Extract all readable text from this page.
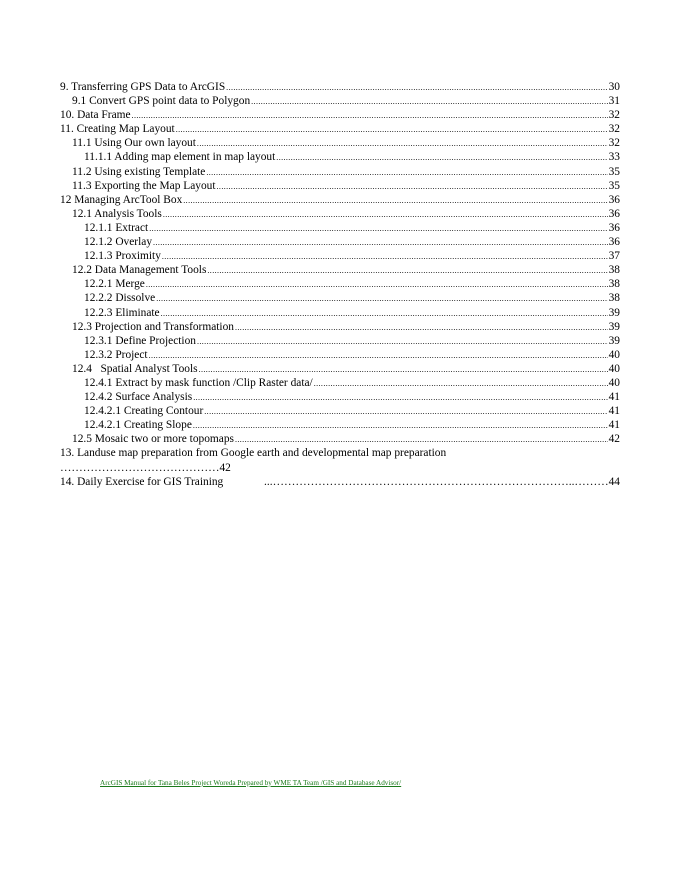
9. Transferring GPS Data to ArcGIS .....	30
9.1 Convert GPS point data to Polygon .....	31
10. Data Frame .....	32
11. Creating Map Layout .....	32
11.1 Using Our own layout .....	32
11.1.1 Adding map element in map layout .....	33
11.2 Using existing Template .....	35
11.3 Exporting the Map Layout .....	35
12 Managing ArcTool Box .....	36
12.1 Analysis Tools .....	36
12.1.1 Extract .....	36
12.1.2 Overlay .....	36
12.1.3 Proximity .....	37
12.2 Data Management Tools .....	38
12.2.1 Merge .....	38
12.2.2 Dissolve .....	38
12.2.3 Eliminate .....	39
12.3 Projection and Transformation .....	39
12.3.1 Define Projection .....	39
12.3.2 Project .....	40
12.4   Spatial Analyst Tools .....	40
12.4.1 Extract by mask function /Clip Raster data/ .....	40
12.4.2 Surface Analysis .....	41
12.4.2.1 Creating Contour .....	41
12.4.2.1 Creating Slope .....	41
12.5 Mosaic two or more topomaps .....	42
13. Landuse map preparation from Google earth and developmental map preparation
……………………………………42
14. Daily Exercise for GIS Training	...……………………………………………………………………..……… 44
ArcGIS Manual for Tana Beles Project Woreda Prepared by WME TA Team /GIS and Database Advisor/
